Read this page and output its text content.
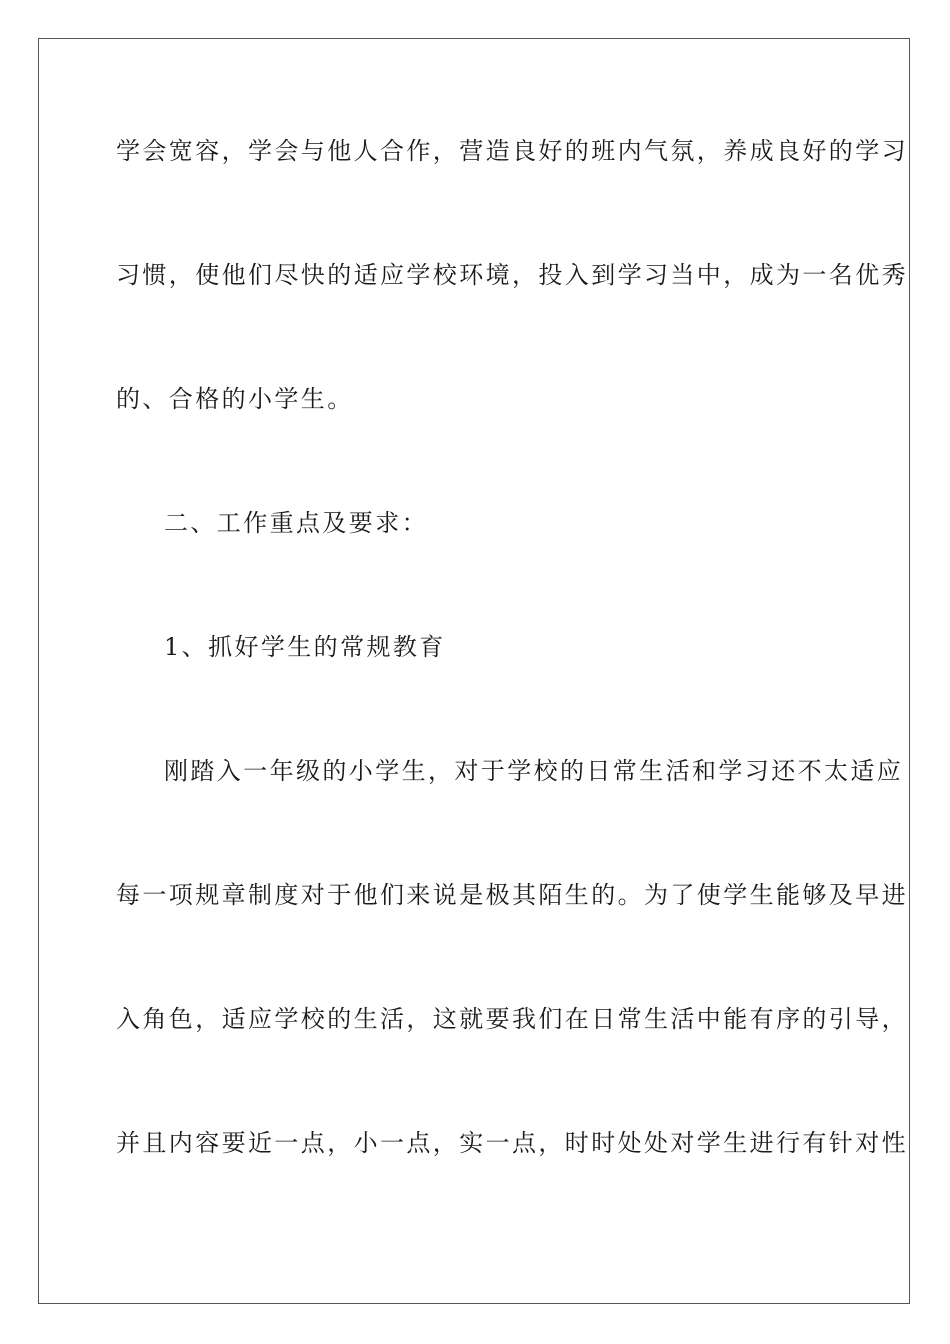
学会宽容，学会与他人合作，营造良好的班内气氛，养成良好的学习
习惯，使他们尽快的适应学校环境，投入到学习当中，成为一名优秀
的、合格的小学生。
二、工作重点及要求：
1、抓好学生的常规教育
刚踏入一年级的小学生，对于学校的日常生活和学习还不太适应
每一项规章制度对于他们来说是极其陌生的。为了使学生能够及早进
入角色，适应学校的生活，这就要我们在日常生活中能有序的引导，
并且内容要近一点，小一点，实一点，时时处处对学生进行有针对性
